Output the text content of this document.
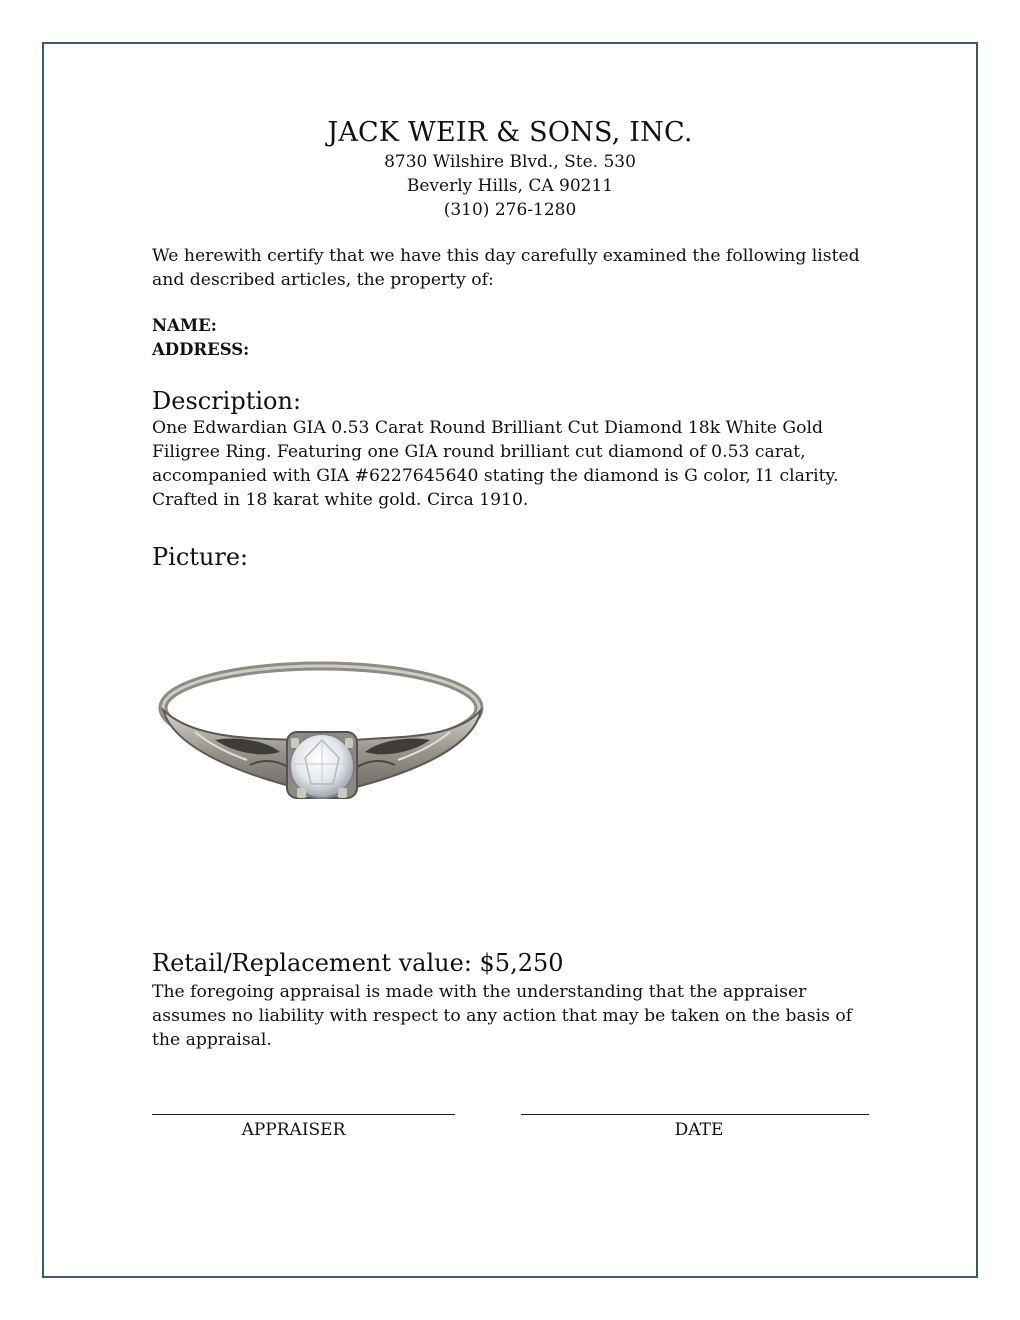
JACK WEIR & SONS, INC.
8730 Wilshire Blvd., Ste. 530
Beverly Hills, CA 90211
(310) 276-1280
We herewith certify that we have this day carefully examined the following listed and described articles, the property of:
NAME:
ADDRESS:
Description:
One Edwardian GIA 0.53 Carat Round Brilliant Cut Diamond 18k White Gold Filigree Ring. Featuring one GIA round brilliant cut diamond of 0.53 carat, accompanied with GIA #6227645640 stating the diamond is G color, I1 clarity. Crafted in 18 karat white gold. Circa 1910.
Picture:
Retail/Replacement value: $5,250
The foregoing appraisal is made with the understanding that the appraiser assumes no liability with respect to any action that may be taken on the basis of the appraisal.
APPRAISER	DATE
